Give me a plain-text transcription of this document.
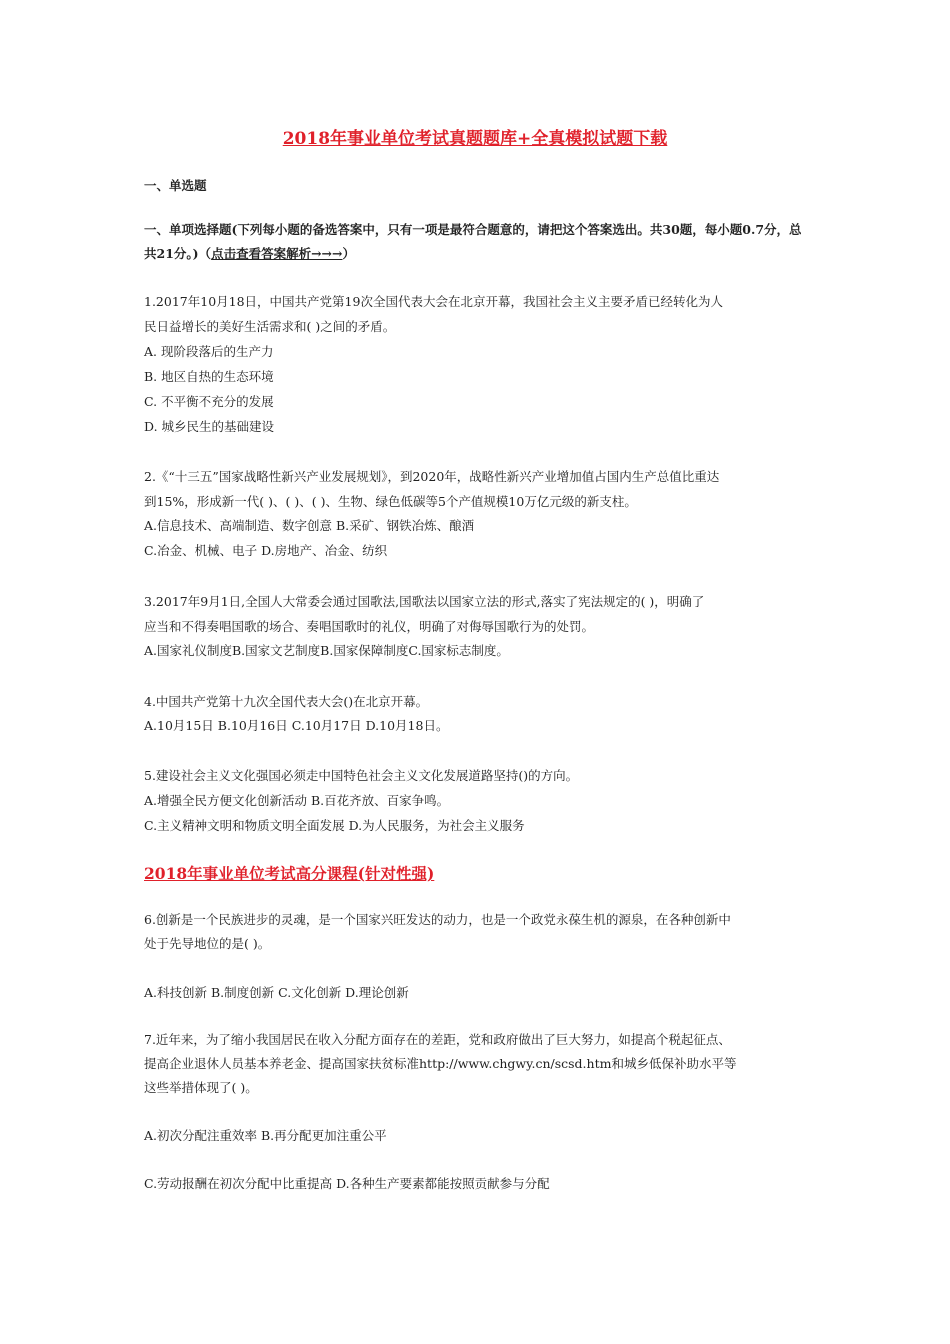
2018年事业单位考试真题题库+全真模拟试题下载
一、单选题
一、单项选择题(下列每小题的备选答案中，只有一项是最符合题意的，请把这个答案选出。共30题，每小题0.7分，总共21分。)（点击查看答案解析→→→）
1.2017年10月18日，中国共产党第19次全国代表大会在北京开幕，我国社会主义主要矛盾已经转化为人
民日益增长的美好生活需求和( )之间的矛盾。
A. 现阶段落后的生产力
B. 地区自热的生态环境
C. 不平衡不充分的发展
D. 城乡民生的基础建设
2.《“十三五”国家战略性新兴产业发展规划》，到2020年，战略性新兴产业增加值占国内生产总值比重达
到15%，形成新一代( )、( )、( )、生物、绿色低碳等5个产值规模10万亿元级的新支柱。
A.信息技术、高端制造、数字创意 B.采矿、钢铁冶炼、酿酒
C.冶金、机械、电子 D.房地产、冶金、纺织
3.2017年9月1日,全国人大常委会通过国歌法,国歌法以国家立法的形式,落实了宪法规定的( )，明确了
应当和不得奏唱国歌的场合、奏唱国歌时的礼仪，明确了对侮辱国歌行为的处罚。
A.国家礼仪制度B.国家文艺制度B.国家保障制度C.国家标志制度。
4.中国共产党第十九次全国代表大会()在北京开幕。
A.10月15日 B.10月16日 C.10月17日 D.10月18日。
5.建设社会主义文化强国必须走中国特色社会主义文化发展道路坚持()的方向。
A.增强全民方便文化创新活动 B.百花齐放、百家争鸣。
C.主义精神文明和物质文明全面发展 D.为人民服务，为社会主义服务
2018年事业单位考试高分课程(针对性强)
6.创新是一个民族进步的灵魂，是一个国家兴旺发达的动力，也是一个政党永葆生机的源泉，在各种创新中
处于先导地位的是( )。
A.科技创新 B.制度创新 C.文化创新 D.理论创新
7.近年来，为了缩小我国居民在收入分配方面存在的差距，党和政府做出了巨大努力，如提高个税起征点、
提高企业退休人员基本养老金、提高国家扶贫标准http://www.chgwy.cn/scsd.htm和城乡低保补助水平等
这些举措体现了( )。
A.初次分配注重效率 B.再分配更加注重公平
C.劳动报酬在初次分配中比重提高 D.各种生产要素都能按照贡献参与分配
